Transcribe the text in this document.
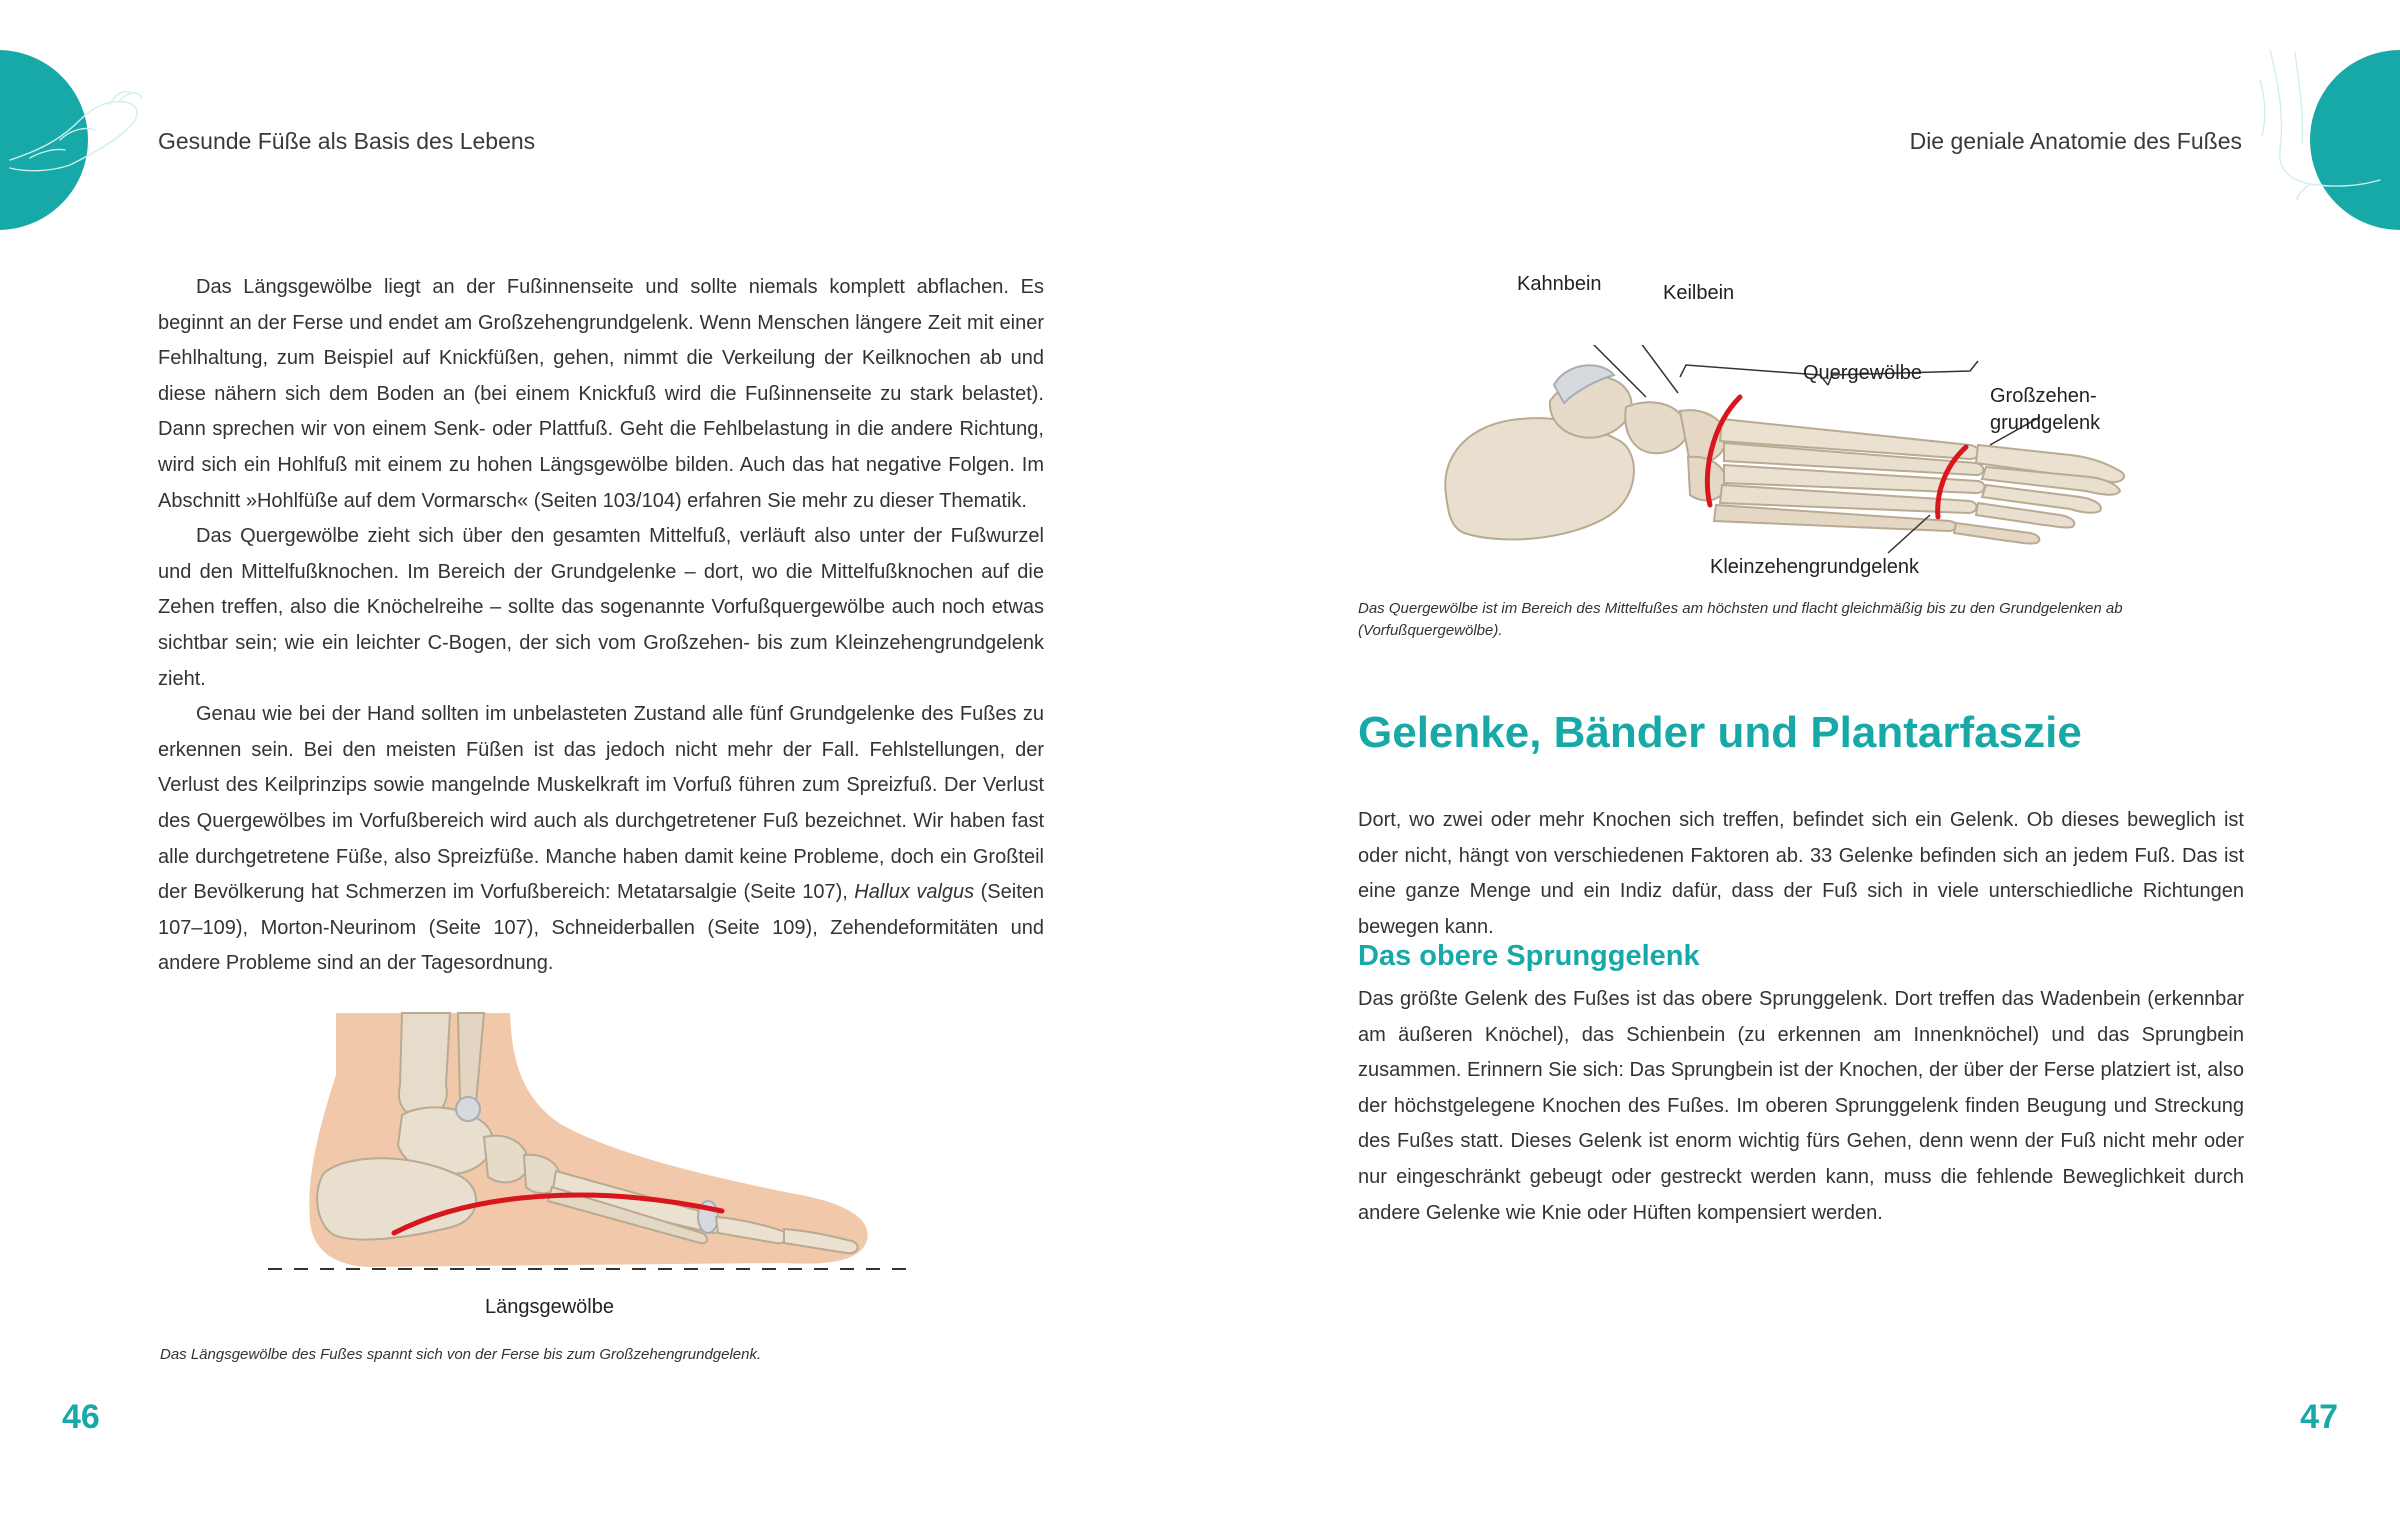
Gesunde Füße als Basis des Lebens

Das Längsgewölbe liegt an der Fußinnenseite und sollte niemals komplett abflachen. Es beginnt an der Ferse und endet am Großzehengrundgelenk. Wenn Menschen längere Zeit mit einer Fehlhaltung, zum Beispiel auf Knickfüßen, gehen, nimmt die Verkeilung der Keilknochen ab und diese nähern sich dem Boden an (bei einem Knickfuß wird die Fußinnenseite zu stark belastet). Dann sprechen wir von einem Senk- oder Plattfuß. Geht die Fehlbelastung in die andere Richtung, wird sich ein Hohlfuß mit einem zu hohen Längsgewölbe bilden. Auch das hat negative Folgen. Im Abschnitt »Hohlfüße auf dem Vormarsch« (Seiten 103/104) erfahren Sie mehr zu dieser Thematik.

Das Quergewölbe zieht sich über den gesamten Mittelfuß, verläuft also unter der Fußwurzel und den Mittelfußknochen. Im Bereich der Grundgelenke – dort, wo die Mittelfußknochen auf die Zehen treffen, also die Knöchelreihe – sollte das sogenannte Vorfußquergewölbe auch noch etwas sichtbar sein; wie ein leichter C-Bogen, der sich vom Großzehen- bis zum Kleinzehengrundgelenk zieht.

Genau wie bei der Hand sollten im unbelasteten Zustand alle fünf Grundgelenke des Fußes zu erkennen sein. Bei den meisten Füßen ist das jedoch nicht mehr der Fall. Fehlstellungen, der Verlust des Keilprinzips sowie mangelnde Muskelkraft im Vorfuß führen zum Spreizfuß. Der Verlust des Quergewölbes im Vorfußbereich wird auch als durchgetretener Fuß bezeichnet. Wir haben fast alle durchgetretene Füße, also Spreizfüße. Manche haben damit keine Probleme, doch ein Großteil der Bevölkerung hat Schmerzen im Vorfußbereich: Metatarsalgie (Seite 107), Hallux valgus (Seiten 107–109), Morton-Neurinom (Seite 107), Schneiderballen (Seite 109), Zehendeformitäten und andere Probleme sind an der Tagesordnung.

Längsgewölbe
Das Längsgewölbe des Fußes spannt sich von der Ferse bis zum Großzehengrundgelenk.
46
Die geniale Anatomie des Fußes
Kahnbein	Keilbein
Quergewölbe
Großzehen-
grundgelenk
Kleinzehengrundgelenk
Das Quergewölbe ist im Bereich des Mittelfußes am höchsten und flacht gleichmäßig bis zu den Grundgelenken ab (Vorfußquergewölbe).
Gelenke, Bänder und Plantarfaszie
Dort, wo zwei oder mehr Knochen sich treffen, befindet sich ein Gelenk. Ob dieses beweglich ist oder nicht, hängt von verschiedenen Faktoren ab. 33 Gelenke befinden sich an jedem Fuß. Das ist eine ganze Menge und ein Indiz dafür, dass der Fuß sich in viele unterschiedliche Richtungen bewegen kann.
Das obere Sprunggelenk
Das größte Gelenk des Fußes ist das obere Sprunggelenk. Dort treffen das Wadenbein (erkennbar am äußeren Knöchel), das Schienbein (zu erkennen am Innenknöchel) und das Sprungbein zusammen. Erinnern Sie sich: Das Sprungbein ist der Knochen, der über der Ferse platziert ist, also der höchstgelegene Knochen des Fußes. Im oberen Sprunggelenk finden Beugung und Streckung des Fußes statt. Dieses Gelenk ist enorm wichtig fürs Gehen, denn wenn der Fuß nicht mehr oder nur eingeschränkt gebeugt oder gestreckt werden kann, muss die fehlende Beweglichkeit durch andere Gelenke wie Knie oder Hüften kompensiert werden.
47
